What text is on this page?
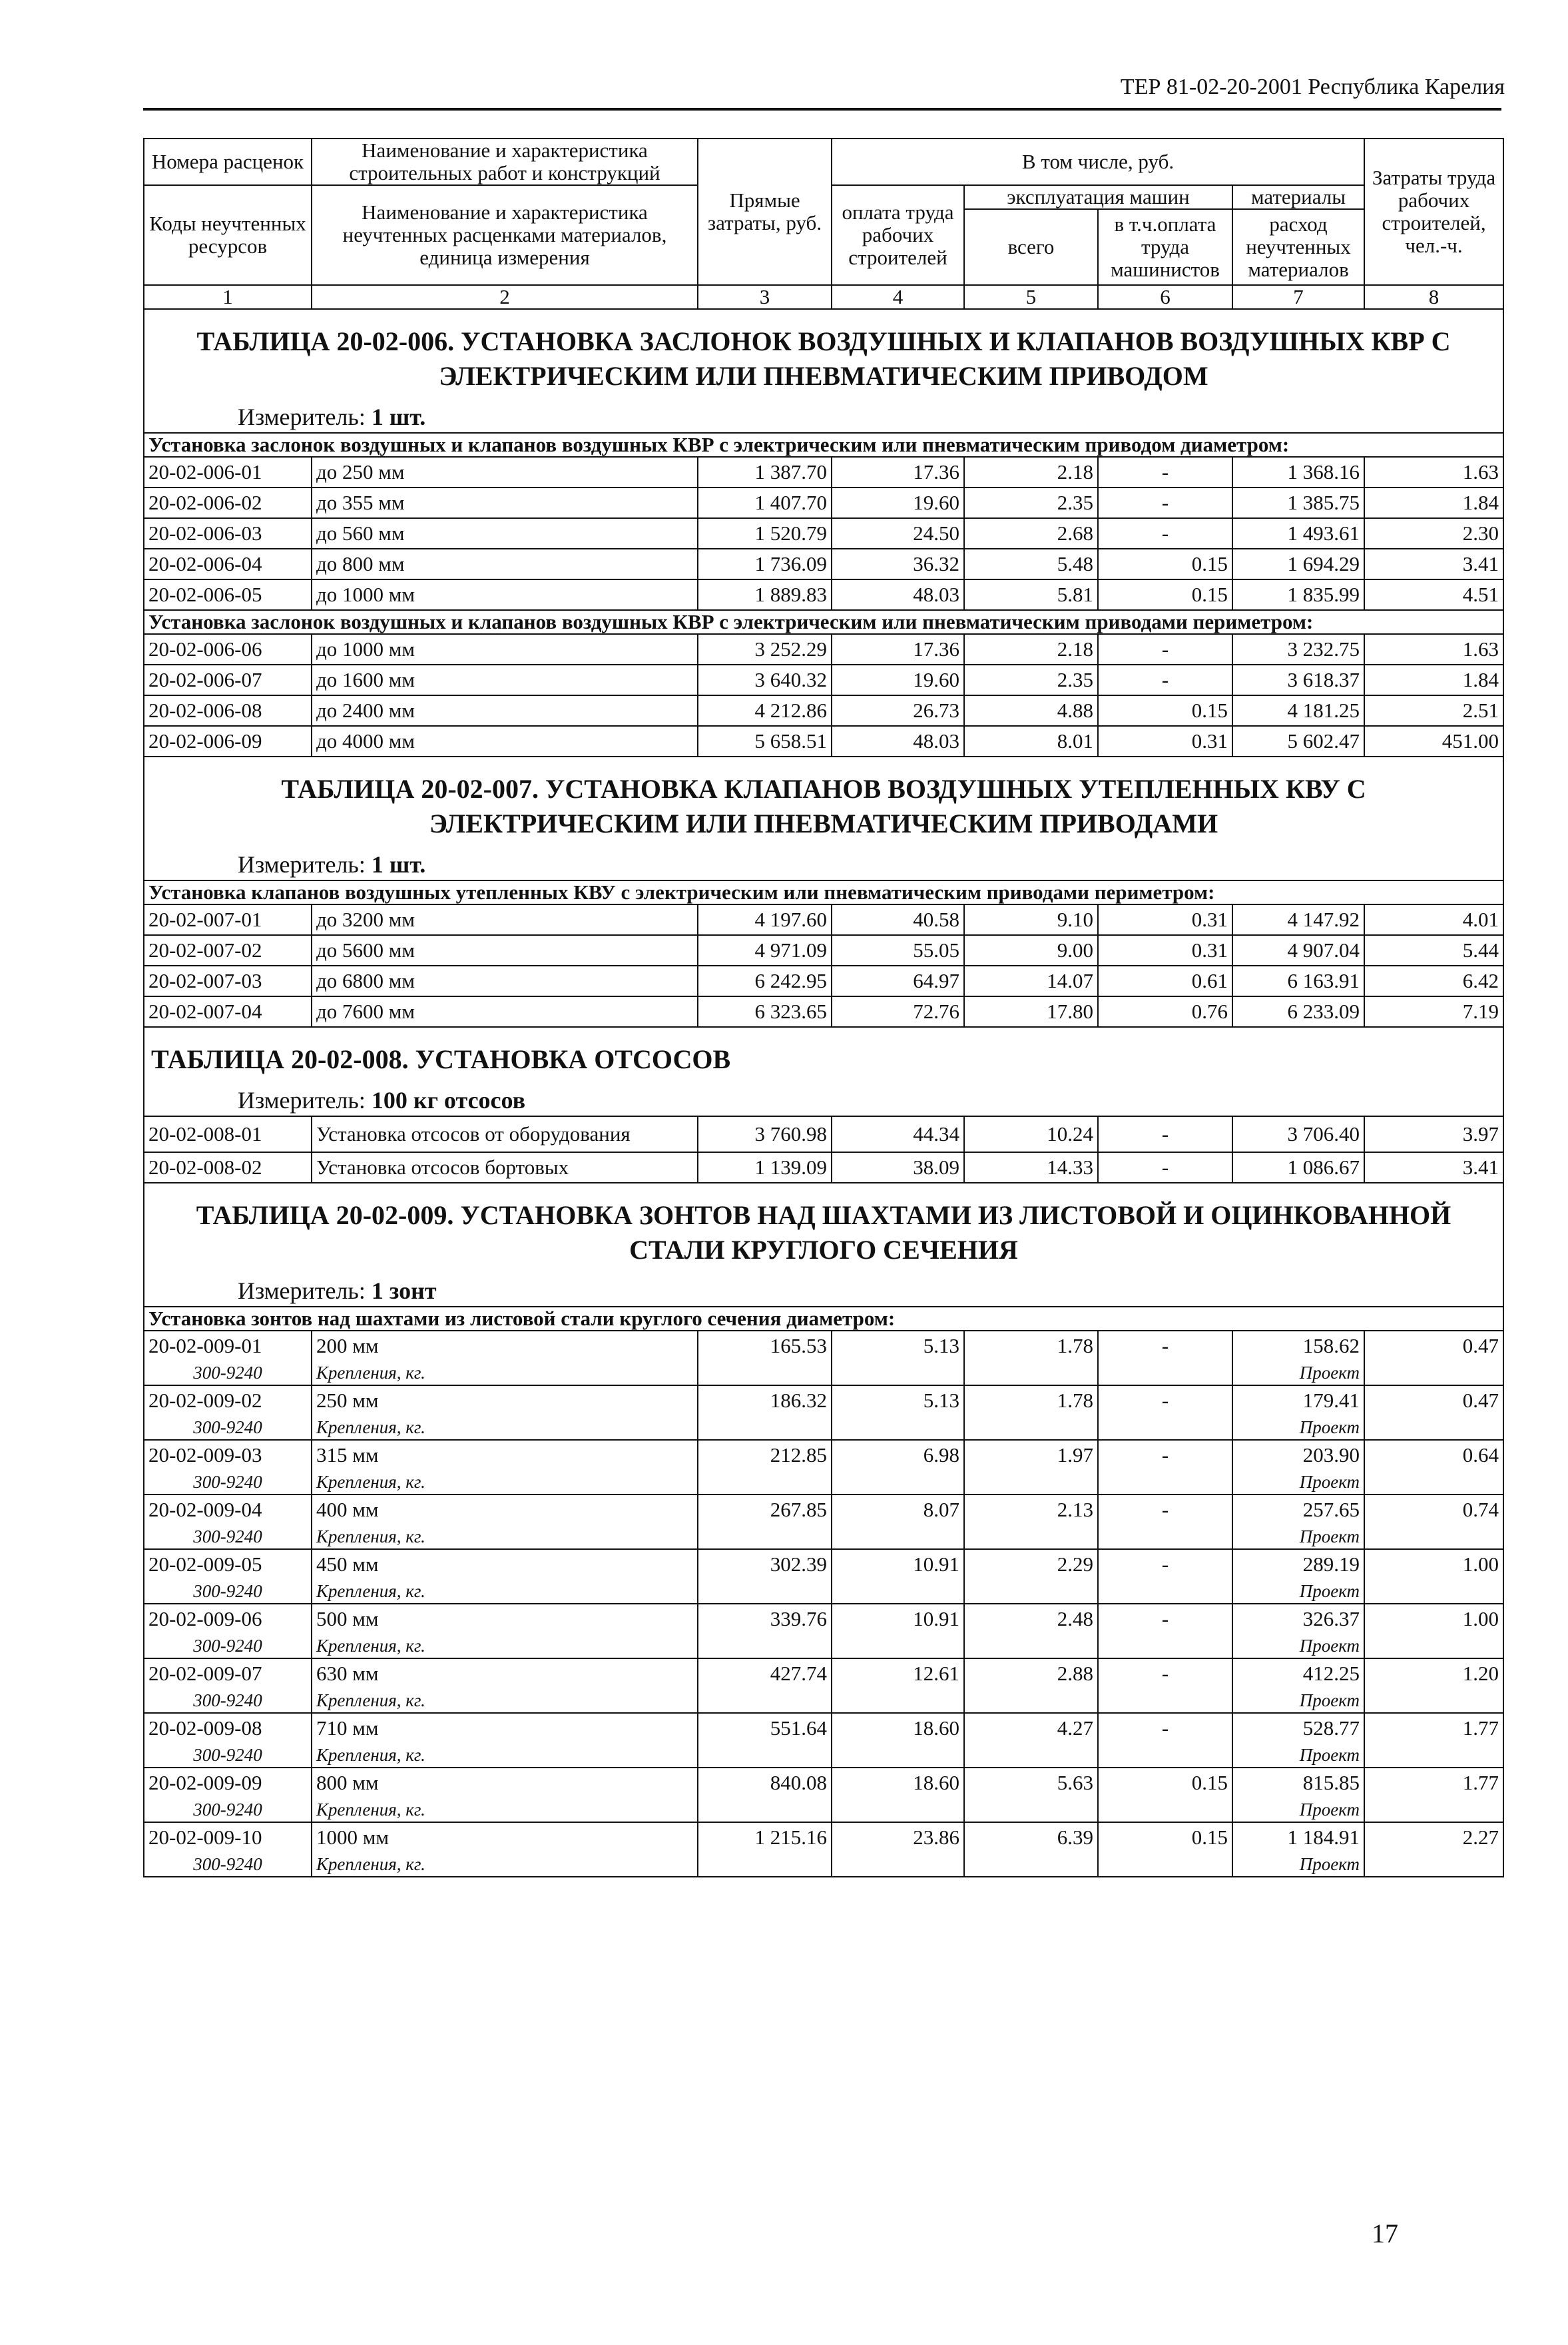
ТЕР 81-02-20-2001 Республика Карелия
Номера расценок	Наименование и характеристика строительных работ и конструкций	Прямые затраты, руб.	В том числе, руб.				Затраты труда рабочих строителей, чел.-ч.
Коды неучтенных ресурсов	Наименование и характеристика неучтенных расценками материалов, единица измерения		оплата труда рабочих строителей	эксплуатация машин		материалы	
				всего	в т.ч.оплата труда машинистов	расход неучтенных материалов	
1	2	3	4	5	6	7	8

ТАБЛИЦА 20-02-006. УСТАНОВКА ЗАСЛОНОК ВОЗДУШНЫХ И КЛАПАНОВ ВОЗДУШНЫХ КВР С
ЭЛЕКТРИЧЕСКИМ ИЛИ ПНЕВМАТИЧЕСКИМ ПРИВОДОМ
Измеритель: 1 шт.							

Установка заслонок воздушных и клапанов воздушных КВР с электрическим или пневматическим приводом диаметром:							
20-02-006-01	до 250 мм	1 387.70	17.36	2.18	-	1 368.16	1.63
20-02-006-02	до 355 мм	1 407.70	19.60	2.35	-	1 385.75	1.84
20-02-006-03	до 560 мм	1 520.79	24.50	2.68	-	1 493.61	2.30
20-02-006-04	до 800 мм	1 736.09	36.32	5.48	0.15	1 694.29	3.41
20-02-006-05	до 1000 мм	1 889.83	48.03	5.81	0.15	1 835.99	4.51
Установка заслонок воздушных и клапанов воздушных КВР с электрическим или пневматическим приводами периметром:							
20-02-006-06	до 1000 мм	3 252.29	17.36	2.18	-	3 232.75	1.63
20-02-006-07	до 1600 мм	3 640.32	19.60	2.35	-	3 618.37	1.84
20-02-006-08	до 2400 мм	4 212.86	26.73	4.88	0.15	4 181.25	2.51
20-02-006-09	до 4000 мм	5 658.51	48.03	8.01	0.31	5 602.47	451.00

ТАБЛИЦА 20-02-007. УСТАНОВКА КЛАПАНОВ ВОЗДУШНЫХ УТЕПЛЕННЫХ КВУ С
ЭЛЕКТРИЧЕСКИМ ИЛИ ПНЕВМАТИЧЕСКИМ ПРИВОДАМИ
Измеритель: 1 шт.							

Установка клапанов воздушных утепленных КВУ с электрическим или пневматическим приводами периметром:							
20-02-007-01	до 3200 мм	4 197.60	40.58	9.10	0.31	4 147.92	4.01
20-02-007-02	до 5600 мм	4 971.09	55.05	9.00	0.31	4 907.04	5.44
20-02-007-03	до 6800 мм	6 242.95	64.97	14.07	0.61	6 163.91	6.42
20-02-007-04	до 7600 мм	6 323.65	72.76	17.80	0.76	6 233.09	7.19

ТАБЛИЦА 20-02-008. УСТАНОВКА ОТСОСОВ
Измеритель: 100 кг отсосов							

20-02-008-01	Установка отсосов от оборудования	3 760.98	44.34	10.24	-	3 706.40	3.97
20-02-008-02	Установка отсосов бортовых	1 139.09	38.09	14.33	-	1 086.67	3.41

ТАБЛИЦА 20-02-009. УСТАНОВКА ЗОНТОВ НАД ШАХТАМИ ИЗ ЛИСТОВОЙ И ОЦИНКОВАННОЙ
СТАЛИ КРУГЛОГО СЕЧЕНИЯ
Измеритель: 1 зонт							

Установка зонтов над шахтами из листовой стали круглого сечения диаметром:							
20-02-009-01	200 мм	165.53	5.13	1.78	-	158.62	0.47
300-9240	Крепления, кг.					Проект	
20-02-009-02	250 мм	186.32	5.13	1.78	-	179.41	0.47
300-9240	Крепления, кг.					Проект	
20-02-009-03	315 мм	212.85	6.98	1.97	-	203.90	0.64
300-9240	Крепления, кг.					Проект	
20-02-009-04	400 мм	267.85	8.07	2.13	-	257.65	0.74
300-9240	Крепления, кг.					Проект	
20-02-009-05	450 мм	302.39	10.91	2.29	-	289.19	1.00
300-9240	Крепления, кг.					Проект	
20-02-009-06	500 мм	339.76	10.91	2.48	-	326.37	1.00
300-9240	Крепления, кг.					Проект	
20-02-009-07	630 мм	427.74	12.61	2.88	-	412.25	1.20
300-9240	Крепления, кг.					Проект	
20-02-009-08	710 мм	551.64	18.60	4.27	-	528.77	1.77
300-9240	Крепления, кг.					Проект	
20-02-009-09	800 мм	840.08	18.60	5.63	0.15	815.85	1.77
300-9240	Крепления, кг.					Проект	
20-02-009-10	1000 мм	1 215.16	23.86	6.39	0.15	1 184.91	2.27
300-9240	Крепления, кг.					Проект	
17
